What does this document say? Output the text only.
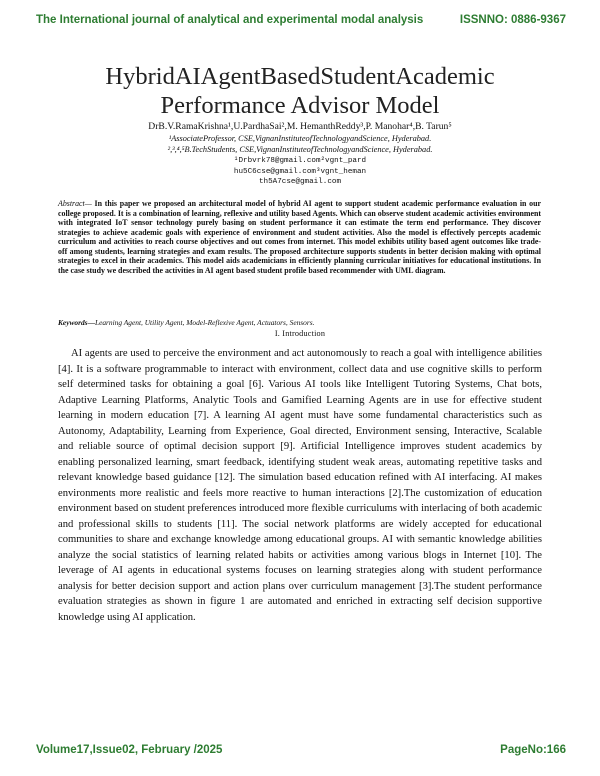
The International journal of analytical and experimental modal analysis	ISSNNO: 0886-9367
HybridAIAgentBasedStudentAcademic Performance Advisor Model
DrB.V.RamaKrishna¹,U.PardhaSai²,M. HemanthReddy³,P. Manohar⁴,B. Tarun⁵
¹AssociateProfessor, CSE,VignanInstituteofTechnologyandScience, Hyderabad.
²,³,⁴,⁵B.TechStudents, CSE,VignanInstituteofTechnologyandScience, Hyderabad.
¹Drbvrk78@gmail.com²vgnt_pard
hu5C6cse@gmail.com³vgnt_heman
th5A7cse@gmail.com

Abstract— In this paper we proposed an architectural model of hybrid AI agent to support student academic performance evaluation in our college proposed. It is a combination of learning, reflexive and utility based Agents. Which can observe student academic activities environment with integrated IoT sensor technology purely basing on student performance it can estimate the term end performance. They discover strategies to achieve academic goals with experience of environment and student activities. Also the model is effectively percepts academic curriculum and activities to reach course objectives and out comes from internet. This model exhibits utility based agent outcomes like trade-off among students, learning strategies and exam results. The proposed architecture supports students in better decision making with optimal strategies to excel in their academics. This model aids academicians in efficiently planning curricular initiatives for educational institutions. In the case study we described the activities in AI agent based student profile based recommender with UML diagram.

Keywords—Learning Agent, Utility Agent, Model-Reflexive Agent, Actuators, Sensors.

I. Introduction

AI agents are used to perceive the environment and act autonomously to reach a goal with intelligence abilities [4]. It is a software programmable to interact with environment, collect data and use cognitive skills to perform self determined tasks for obtaining a goal [6]. Various AI tools like Intelligent Tutoring Systems, Chat bots, Adaptive Learning Platforms, Analytic Tools and Gamified Learning Agents are in use for effective student learning in modern education [7]. A learning AI agent must have some fundamental characteristics such as Autonomy, Adaptability, Learning from Experience, Goal directed, Environment sensing, Interactive, Scalable and reliable source of optimal decision support [9]. Artificial Intelligence improves student academics by enabling personalized learning, smart feedback, identifying student weak areas, automating repetitive tasks and relevant knowledge based guidance [12]. The simulation based education refined with AI interfacing. AI makes environments more realistic and feels more reactive to human interactions [2].The customization of education environment based on student preferences introduced more flexible curriculums with interlacing of both academic and professional skills to students [11]. The social network platforms are widely accepted for educational communities to share and exchange knowledge among educational groups. AI with semantic knowledge abilities analyze the social statistics of learning related habits or activities among various blogs in Internet [10]. The leverage of AI agents in educational systems focuses on learning strategies along with student performance analysis for better decision support and action plans over curriculum management [3].The student performance evaluation strategies as shown in figure 1 are automated and enriched in extracting self decision supportive knowledge using AI application.

Volume17,Issue02, February /2025	PageNo:166
